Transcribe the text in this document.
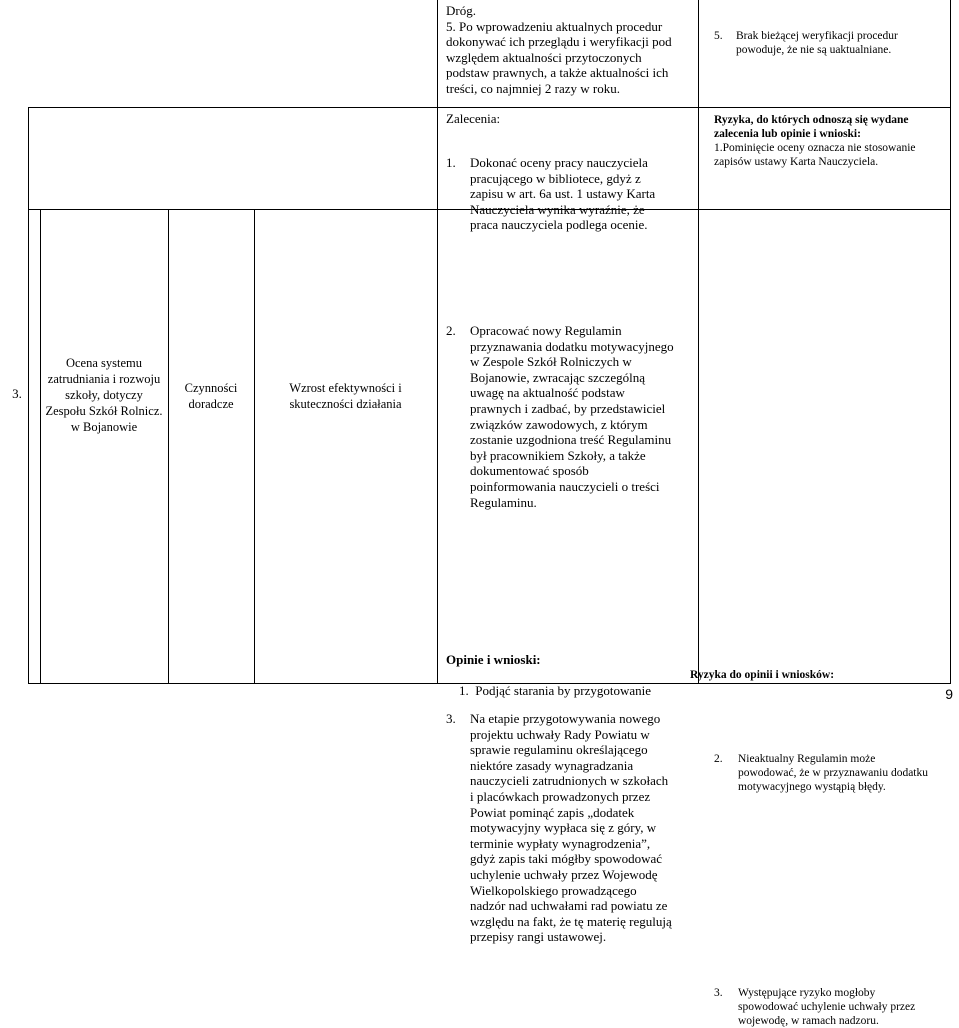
Dróg.
5. Po wprowadzeniu aktualnych procedur
dokonywać ich przeglądu i weryfikacji pod
względem aktualności przytoczonych
podstaw prawnych, a także aktualności ich
treści, co najmniej 2 razy w roku.
5. Brak bieżącej weryfikacji procedur
powoduje, że nie są uaktualniane.
Zalecenia:
1. Dokonać oceny pracy nauczyciela
pracującego w bibliotece, gdyż z
zapisu w art. 6a ust. 1 ustawy Karta
Nauczyciela wynika wyraźnie, że
praca nauczyciela podlega ocenie.
Ryzyka, do których odnoszą się wydane
zalecenia lub opinie i wnioski:
1.Pominięcie oceny oznacza nie stosowanie
zapisów ustawy Karta Nauczyciela.
3.
Ocena systemu
zatrudniania i rozwoju
szkoły, dotyczy
Zespołu Szkół Rolnicz.
w Bojanowie
Czynności
doradcze
Wzrost efektywności i
skuteczności działania
2. Opracować nowy Regulamin
przyznawania dodatku motywacyjnego
w Zespole Szkół Rolniczych w
Bojanowie, zwracając szczególną
uwagę na aktualność podstaw
prawnych i zadbać, by przedstawiciel
związków zawodowych, z którym
zostanie uzgodniona treść Regulaminu
był pracownikiem Szkoły, a także
dokumentować sposób
poinformowania nauczycieli o treści
Regulaminu.
3. Na etapie przygotowywania nowego
projektu uchwały Rady Powiatu w
sprawie regulaminu określającego
niektóre zasady wynagradzania
nauczycieli zatrudnionych w szkołach
i placówkach prowadzonych przez
Powiat pominąć zapis „dodatek
motywacyjny wypłaca się z góry, w
terminie wypłaty wynagrodzenia”,
gdyż zapis taki mógłby spowodować
uchylenie uchwały przez Wojewodę
Wielkopolskiego prowadzącego
nadzór nad uchwałami rad powiatu ze
względu na fakt, że tę materię regulują
przepisy rangi ustawowej.
Opinie i wnioski:

1.  Podjąć starania by przygotowanie

2. Nieaktualny Regulamin może
powodować, że w przyznawaniu dodatku
motywacyjnego wystąpią błędy.
3. Występujące ryzyko mogłoby
spowodować uchylenie uchwały przez
wojewodę, w ramach nadzoru.
Ryzyka do opinii i wniosków:
9
